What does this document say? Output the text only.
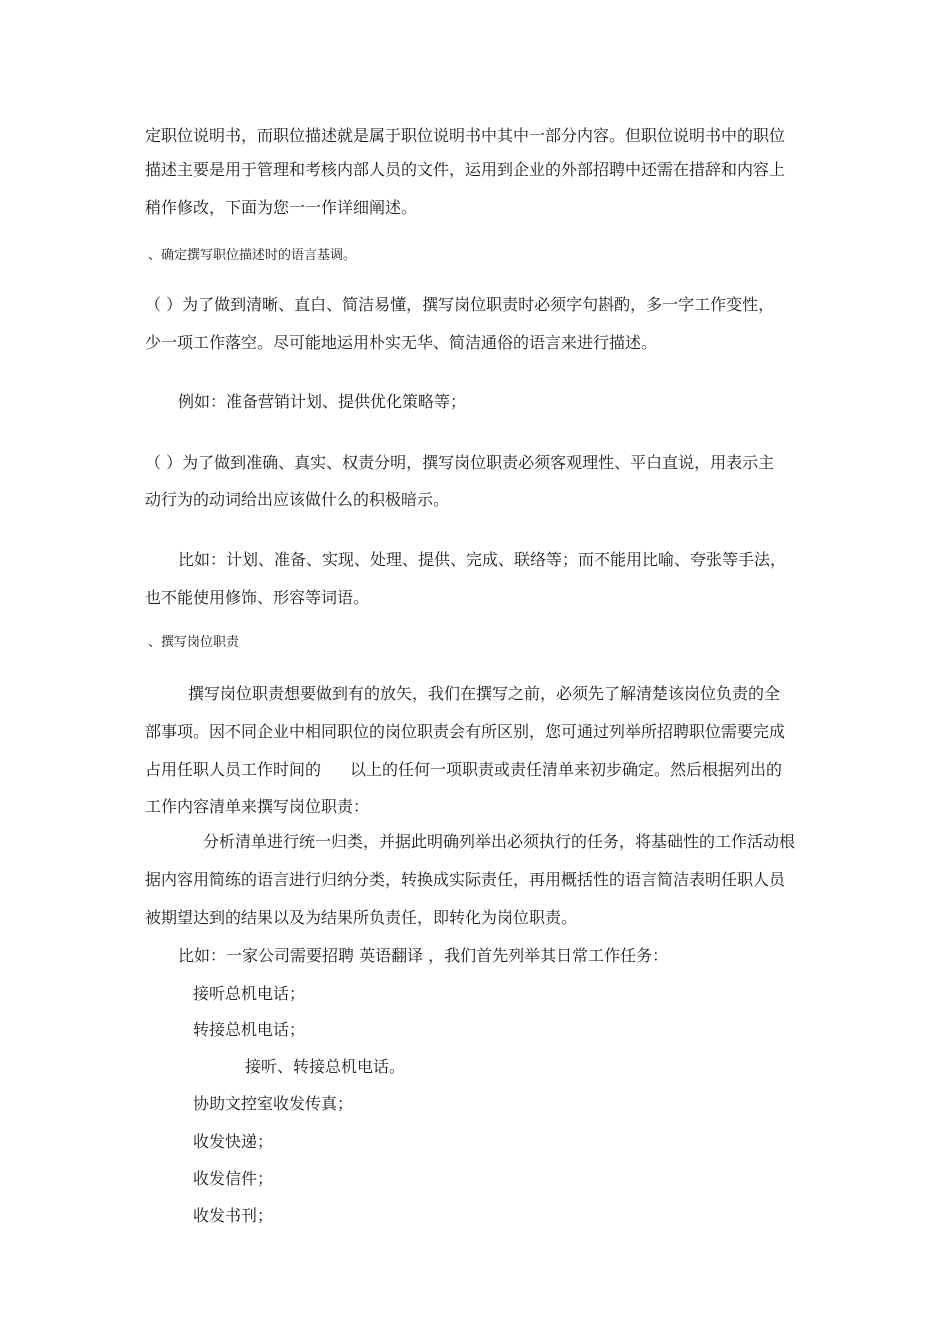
定职位说明书，而职位描述就是属于职位说明书中其中一部分内容。但职位说明书中的职位
描述主要是用于管理和考核内部人员的文件，运用到企业的外部招聘中还需在措辞和内容上
稍作修改，下面为您一一作详细阐述。
、确定撰写职位描述时的语言基调。
（ ）为了做到清晰、直白、简洁易懂，撰写岗位职责时必须字句斟酌，多一字工作变性，
少一项工作落空。尽可能地运用朴实无华、简洁通俗的语言来进行描述。
例如：准备营销计划、提供优化策略等；
（ ）为了做到准确、真实、权责分明，撰写岗位职责必须客观理性、平白直说，用表示主
动行为的动词给出应该做什么的积极暗示。
比如：计划、准备、实现、处理、提供、完成、联络等；而不能用比喻、夸张等手法，
也不能使用修饰、形容等词语。
、撰写岗位职责
撰写岗位职责想要做到有的放矢，我们在撰写之前，必须先了解清楚该岗位负责的全
部事项。因不同企业中相同职位的岗位职责会有所区别，您可通过列举所招聘职位需要完成
占用任职人员工作时间的 以上的任何一项职责或责任清单来初步确定。然后根据列出的
工作内容清单来撰写岗位职责：
分析清单进行统一归类，并据此明确列举出必须执行的任务，将基础性的工作活动根
据内容用简练的语言进行归纳分类，转换成实际责任，再用概括性的语言简洁表明任职人员
被期望达到的结果以及为结果所负责任，即转化为岗位职责。
比如：一家公司需要招聘 英语翻译 ，我们首先列举其日常工作任务：
接听总机电话；
转接总机电话；
接听、转接总机电话。
协助文控室收发传真；
收发快递；
收发信件；
收发书刊；
